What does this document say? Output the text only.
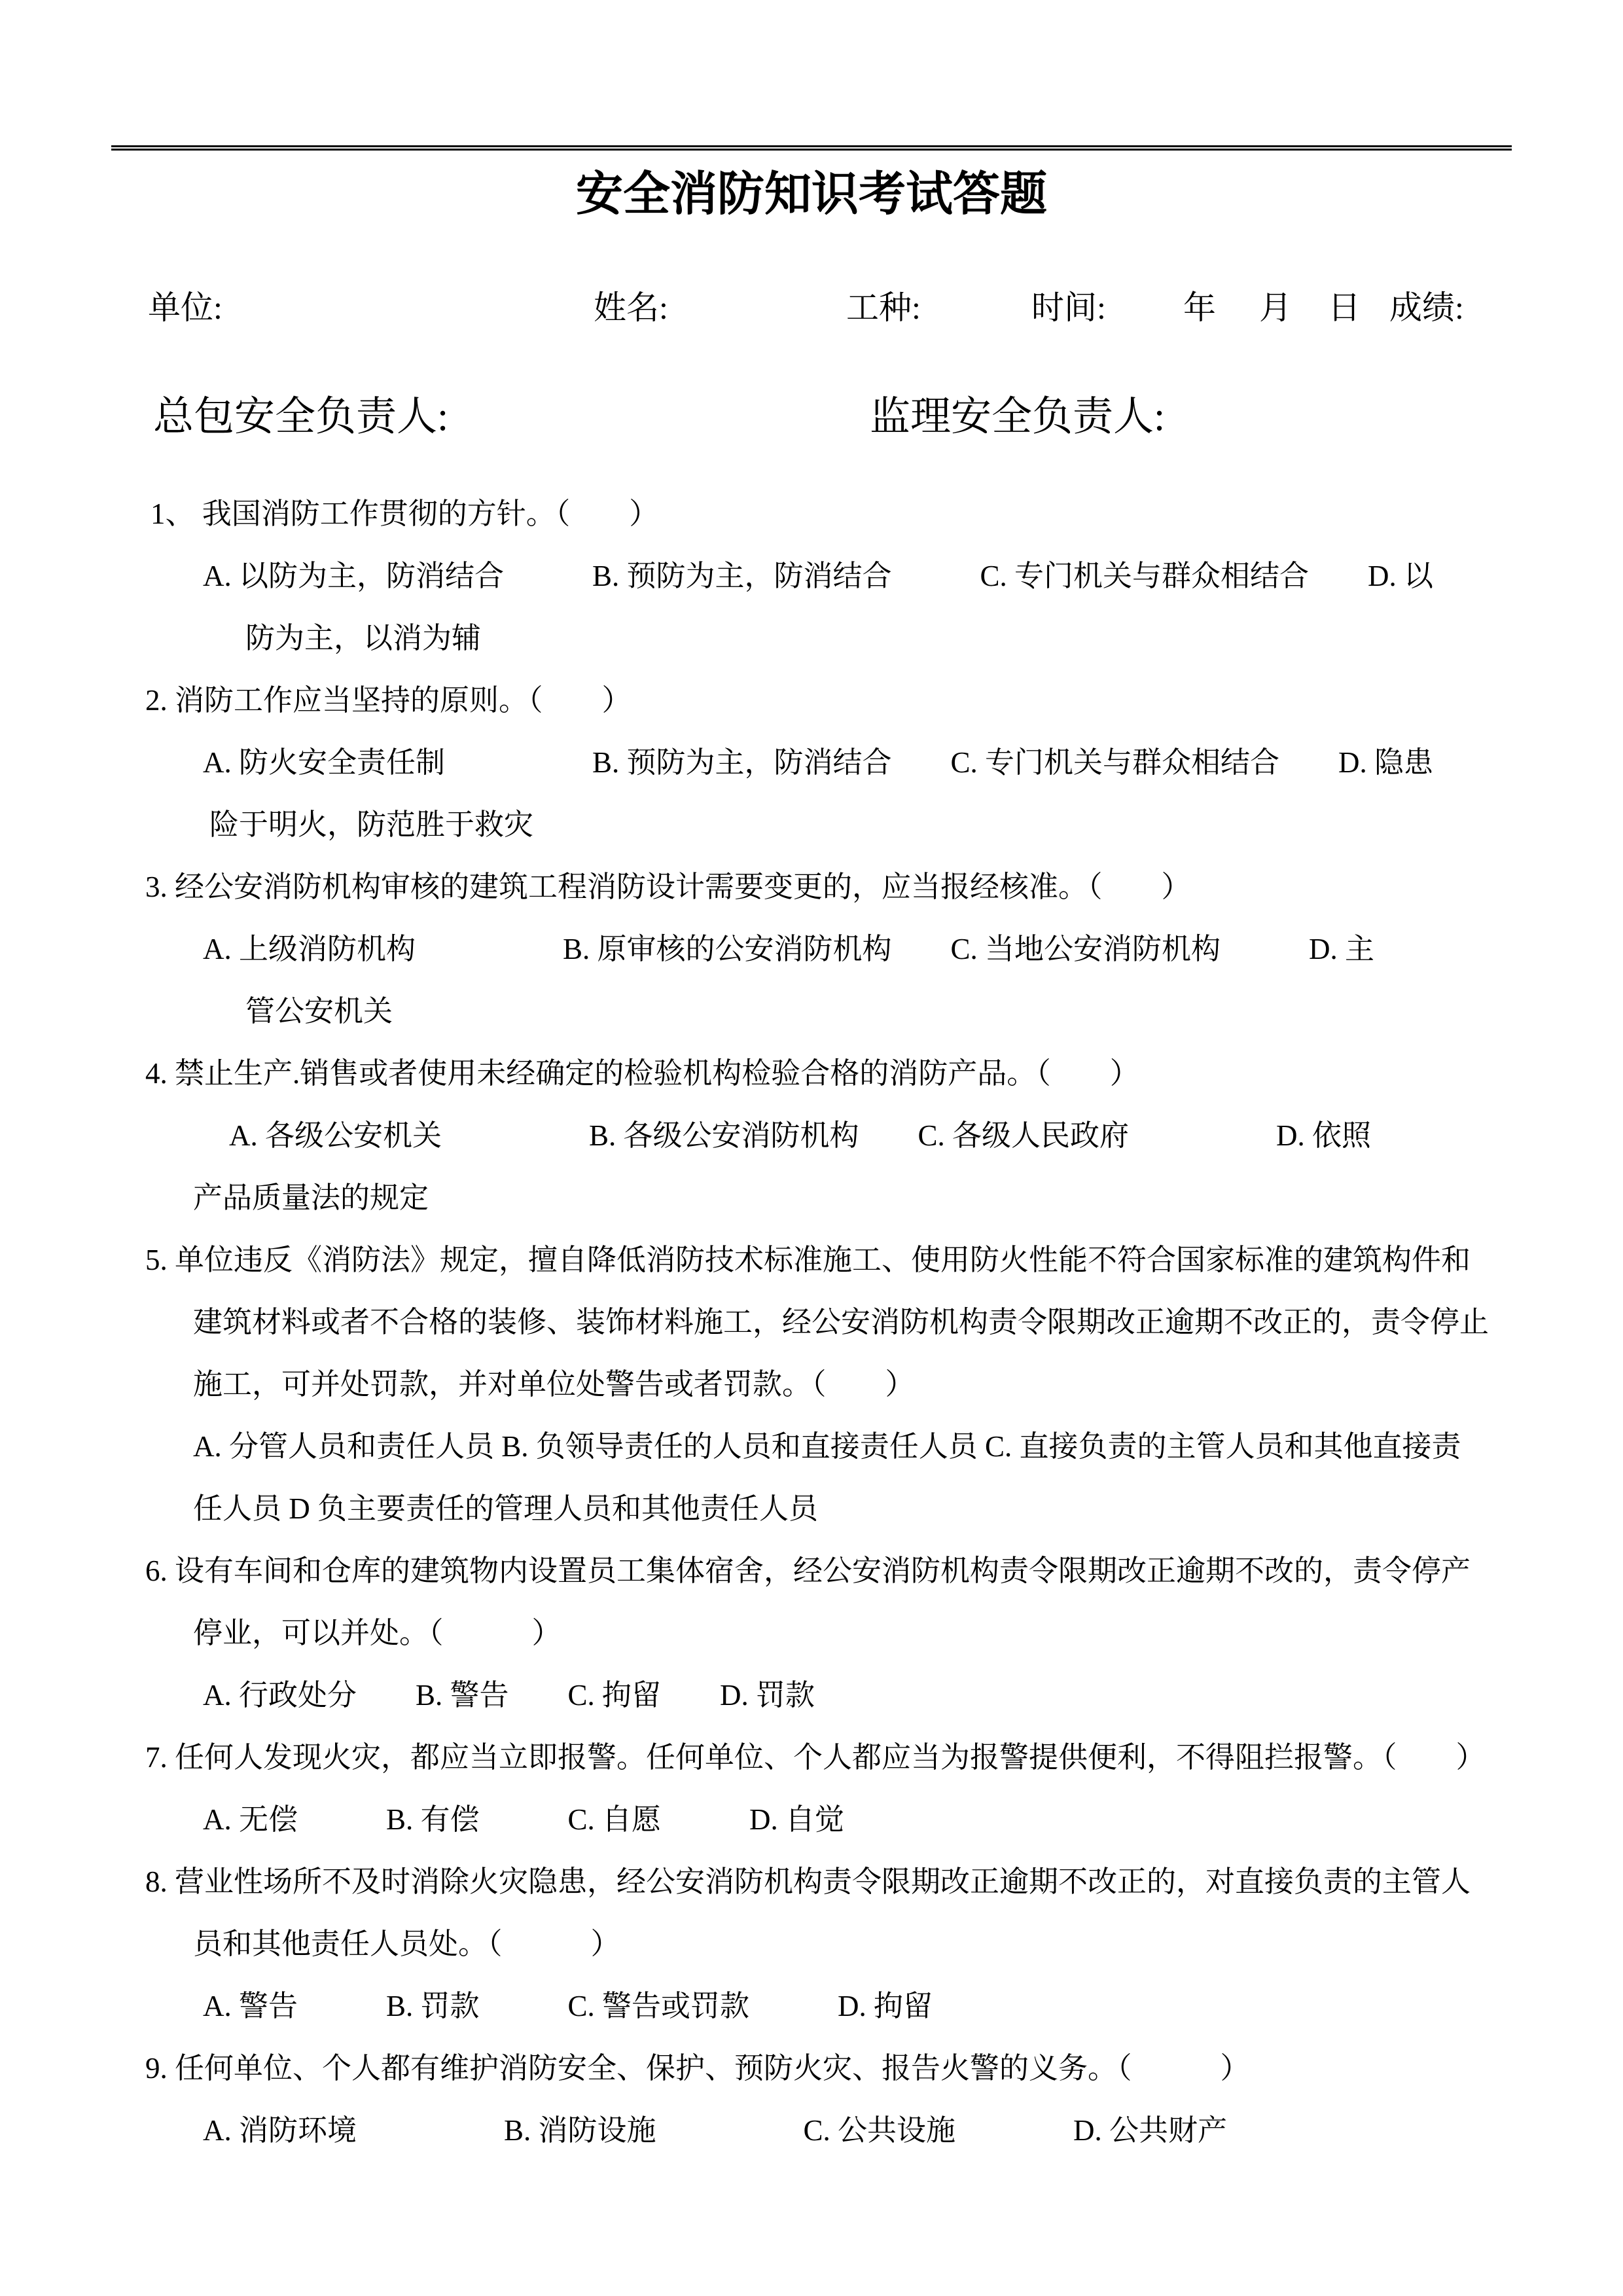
安全消防知识考试答题
单位:	姓名:	工种:	时间: 年 月 日 成绩:
总包安全负责人:	监理安全负责人:
1、 我国消防工作贯彻的方针。（　　）
A. 以防为主，防消结合　　　B. 预防为主，防消结合　　　C. 专门机关与群众相结合　　D. 以
防为主，以消为辅
2. 消防工作应当坚持的原则。（　　）
A. 防火安全责任制　　　　　B. 预防为主，防消结合　　C. 专门机关与群众相结合　　D. 隐患
险于明火，防范胜于救灾
3. 经公安消防机构审核的建筑工程消防设计需要变更的，应当报经核准。（　　）
A. 上级消防机构　　　　　B. 原审核的公安消防机构　　C. 当地公安消防机构　　　D. 主
管公安机关
4. 禁止生产.销售或者使用未经确定的检验机构检验合格的消防产品。（　　）
A. 各级公安机关　　　　　B. 各级公安消防机构　　C. 各级人民政府　　　　　D. 依照
产品质量法的规定
5. 单位违反《消防法》规定，擅自降低消防技术标准施工、使用防火性能不符合国家标准的建筑构件和
建筑材料或者不合格的装修、装饰材料施工，经公安消防机构责令限期改正逾期不改正的，责令停止
施工，可并处罚款，并对单位处警告或者罚款。（　　）
A. 分管人员和责任人员 B. 负领导责任的人员和直接责任人员 C. 直接负责的主管人员和其他直接责
任人员 D 负主要责任的管理人员和其他责任人员
6. 设有车间和仓库的建筑物内设置员工集体宿舍，经公安消防机构责令限期改正逾期不改的，责令停产
停业，可以并处。（　　　）
A. 行政处分　　B. 警告　　C. 拘留　　D. 罚款
7. 任何人发现火灾，都应当立即报警。任何单位、个人都应当为报警提供便利，不得阻拦报警。（　　）
A. 无偿　　　B. 有偿　　　C. 自愿　　　D. 自觉
8. 营业性场所不及时消除火灾隐患，经公安消防机构责令限期改正逾期不改正的，对直接负责的主管人
员和其他责任人员处。（　　　）
A. 警告　　　B. 罚款　　　C. 警告或罚款　　　D. 拘留
9. 任何单位、个人都有维护消防安全、保护、预防火灾、报告火警的义务。（　　　）
A. 消防环境　　　　　B. 消防设施　　　　　C. 公共设施　　　　D. 公共财产
